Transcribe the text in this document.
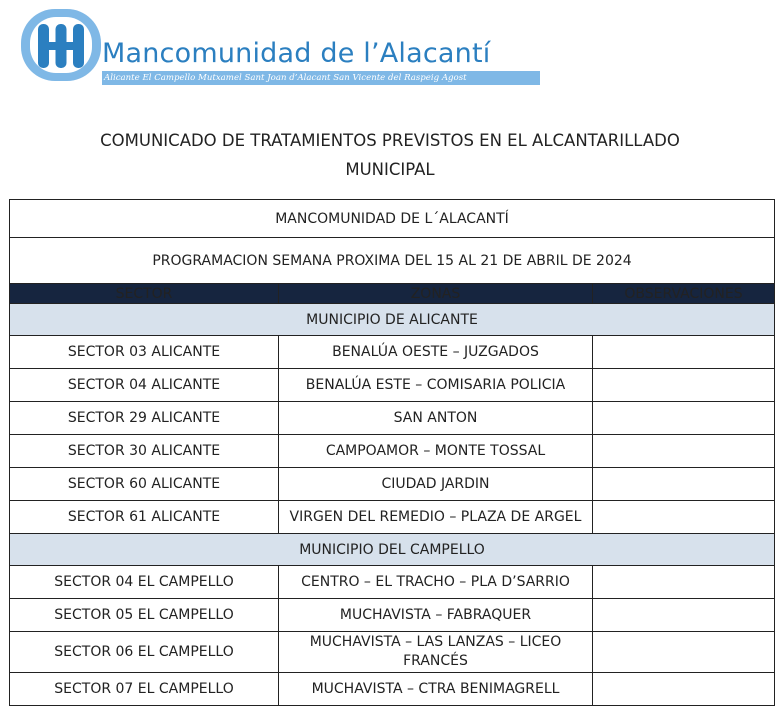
Mancomunidad de l’Alacantí
Alicante El Campello Mutxamel Sant Joan d’Alacant San Vicente del Raspeig Agost
COMUNICADO DE TRATAMIENTOS PREVISTOS EN EL ALCANTARILLADO
MUNICIPAL
MANCOMUNIDAD DE L´ALACANTÍ		
PROGRAMACION SEMANA PROXIMA DEL 15 AL 21 DE ABRIL DE 2024		
SECTOR	ZONAS	OBSERVACIONES
MUNICIPIO DE ALICANTE		
SECTOR 03 ALICANTE	BENALÚA OESTE – JUZGADOS	
SECTOR 04 ALICANTE	BENALÚA ESTE – COMISARIA POLICIA	
SECTOR 29 ALICANTE	SAN ANTON	
SECTOR 30 ALICANTE	CAMPOAMOR – MONTE TOSSAL	
SECTOR 60 ALICANTE	CIUDAD JARDIN	
SECTOR 61 ALICANTE	VIRGEN DEL REMEDIO – PLAZA DE ARGEL	
MUNICIPIO DEL CAMPELLO		
SECTOR 04 EL CAMPELLO	CENTRO – EL TRACHO – PLA D’SARRIO	
SECTOR 05 EL CAMPELLO	MUCHAVISTA – FABRAQUER	
SECTOR 06 EL CAMPELLO	MUCHAVISTA – LAS LANZAS – LICEO FRANCÉS	
SECTOR 07 EL CAMPELLO	MUCHAVISTA – CTRA BENIMAGRELL	
